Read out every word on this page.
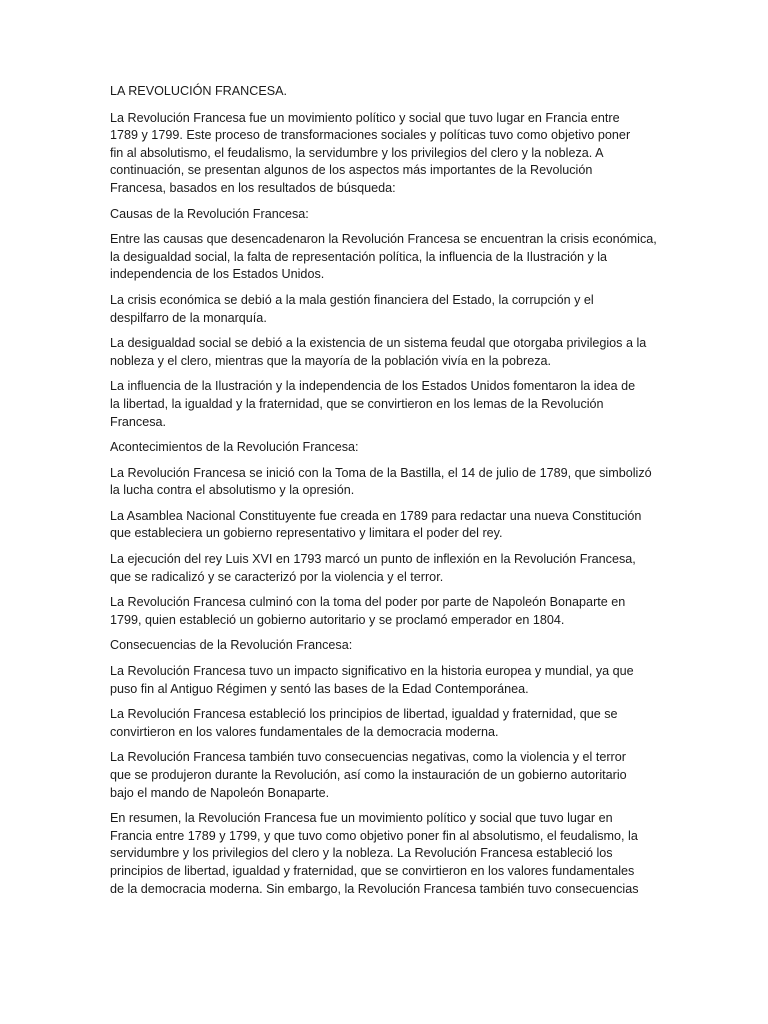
LA REVOLUCIÓN FRANCESA.

La Revolución Francesa fue un movimiento político y social que tuvo lugar en Francia entre
1789 y 1799. Este proceso de transformaciones sociales y políticas tuvo como objetivo poner
fin al absolutismo, el feudalismo, la servidumbre y los privilegios del clero y la nobleza. A
continuación, se presentan algunos de los aspectos más importantes de la Revolución
Francesa, basados en los resultados de búsqueda:

Causas de la Revolución Francesa:

Entre las causas que desencadenaron la Revolución Francesa se encuentran la crisis económica,
la desigualdad social, la falta de representación política, la influencia de la Ilustración y la
independencia de los Estados Unidos.

La crisis económica se debió a la mala gestión financiera del Estado, la corrupción y el
despilfarro de la monarquía.

La desigualdad social se debió a la existencia de un sistema feudal que otorgaba privilegios a la
nobleza y el clero, mientras que la mayoría de la población vivía en la pobreza.

La influencia de la Ilustración y la independencia de los Estados Unidos fomentaron la idea de
la libertad, la igualdad y la fraternidad, que se convirtieron en los lemas de la Revolución
Francesa.

Acontecimientos de la Revolución Francesa:

La Revolución Francesa se inició con la Toma de la Bastilla, el 14 de julio de 1789, que simbolizó
la lucha contra el absolutismo y la opresión.

La Asamblea Nacional Constituyente fue creada en 1789 para redactar una nueva Constitución
que estableciera un gobierno representativo y limitara el poder del rey.

La ejecución del rey Luis XVI en 1793 marcó un punto de inflexión en la Revolución Francesa,
que se radicalizó y se caracterizó por la violencia y el terror.

La Revolución Francesa culminó con la toma del poder por parte de Napoleón Bonaparte en
1799, quien estableció un gobierno autoritario y se proclamó emperador en 1804.

Consecuencias de la Revolución Francesa:

La Revolución Francesa tuvo un impacto significativo en la historia europea y mundial, ya que
puso fin al Antiguo Régimen y sentó las bases de la Edad Contemporánea.

La Revolución Francesa estableció los principios de libertad, igualdad y fraternidad, que se
convirtieron en los valores fundamentales de la democracia moderna.

La Revolución Francesa también tuvo consecuencias negativas, como la violencia y el terror
que se produjeron durante la Revolución, así como la instauración de un gobierno autoritario
bajo el mando de Napoleón Bonaparte.

En resumen, la Revolución Francesa fue un movimiento político y social que tuvo lugar en
Francia entre 1789 y 1799, y que tuvo como objetivo poner fin al absolutismo, el feudalismo, la
servidumbre y los privilegios del clero y la nobleza. La Revolución Francesa estableció los
principios de libertad, igualdad y fraternidad, que se convirtieron en los valores fundamentales
de la democracia moderna. Sin embargo, la Revolución Francesa también tuvo consecuencias
